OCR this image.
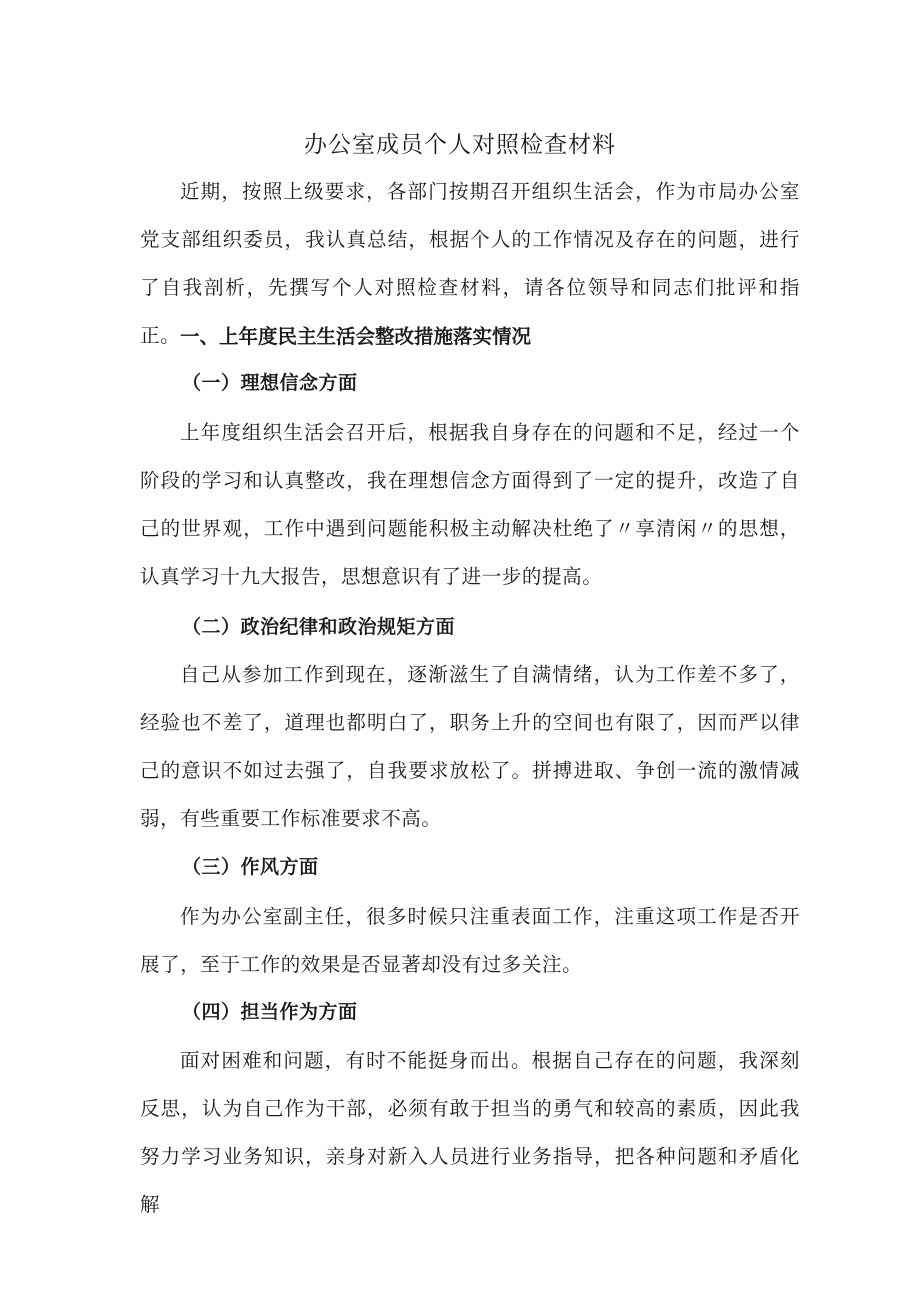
办公室成员个人对照检查材料

近期，按照上级要求，各部门按期召开组织生活会，作为市局办公室党支部组织委员，我认真总结，根据个人的工作情况及存在的问题，进行了自我剖析，先撰写个人对照检查材料，请各位领导和同志们批评和指正。 一、上年度民主生活会整改措施落实情况
（一）理想信念方面

上年度组织生活会召开后，根据我自身存在的问题和不足，经过一个阶段的学习和认真整改，我在理想信念方面得到了一定的提升，改造了自己的世界观，工作中遇到问题能积极主动解决杜绝了〃享清闲〃的思想，认真学习十九大报告，思想意识有了进一步的提高。

（二）政治纪律和政治规矩方面

自己从参加工作到现在，逐渐滋生了自满情绪，认为工作差不多了，经验也不差了，道理也都明白了，职务上升的空间也有限了，因而严以律己的意识不如过去强了，自我要求放松了。拼搏进取、争创一流的激情减弱，有些重要工作标准要求不高。

（三）作风方面

作为办公室副主任，很多时候只注重表面工作，注重这项工作是否开展了，至于工作的效果是否显著却没有过多关注。

（四）担当作为方面

面对困难和问题，有时不能挺身而出。根据自己存在的问题，我深刻反思，认为自己作为干部，必须有敢于担当的勇气和较高的素质，因此我努力学习业务知识，亲身对新入人员进行业务指导，把各种问题和矛盾化解
